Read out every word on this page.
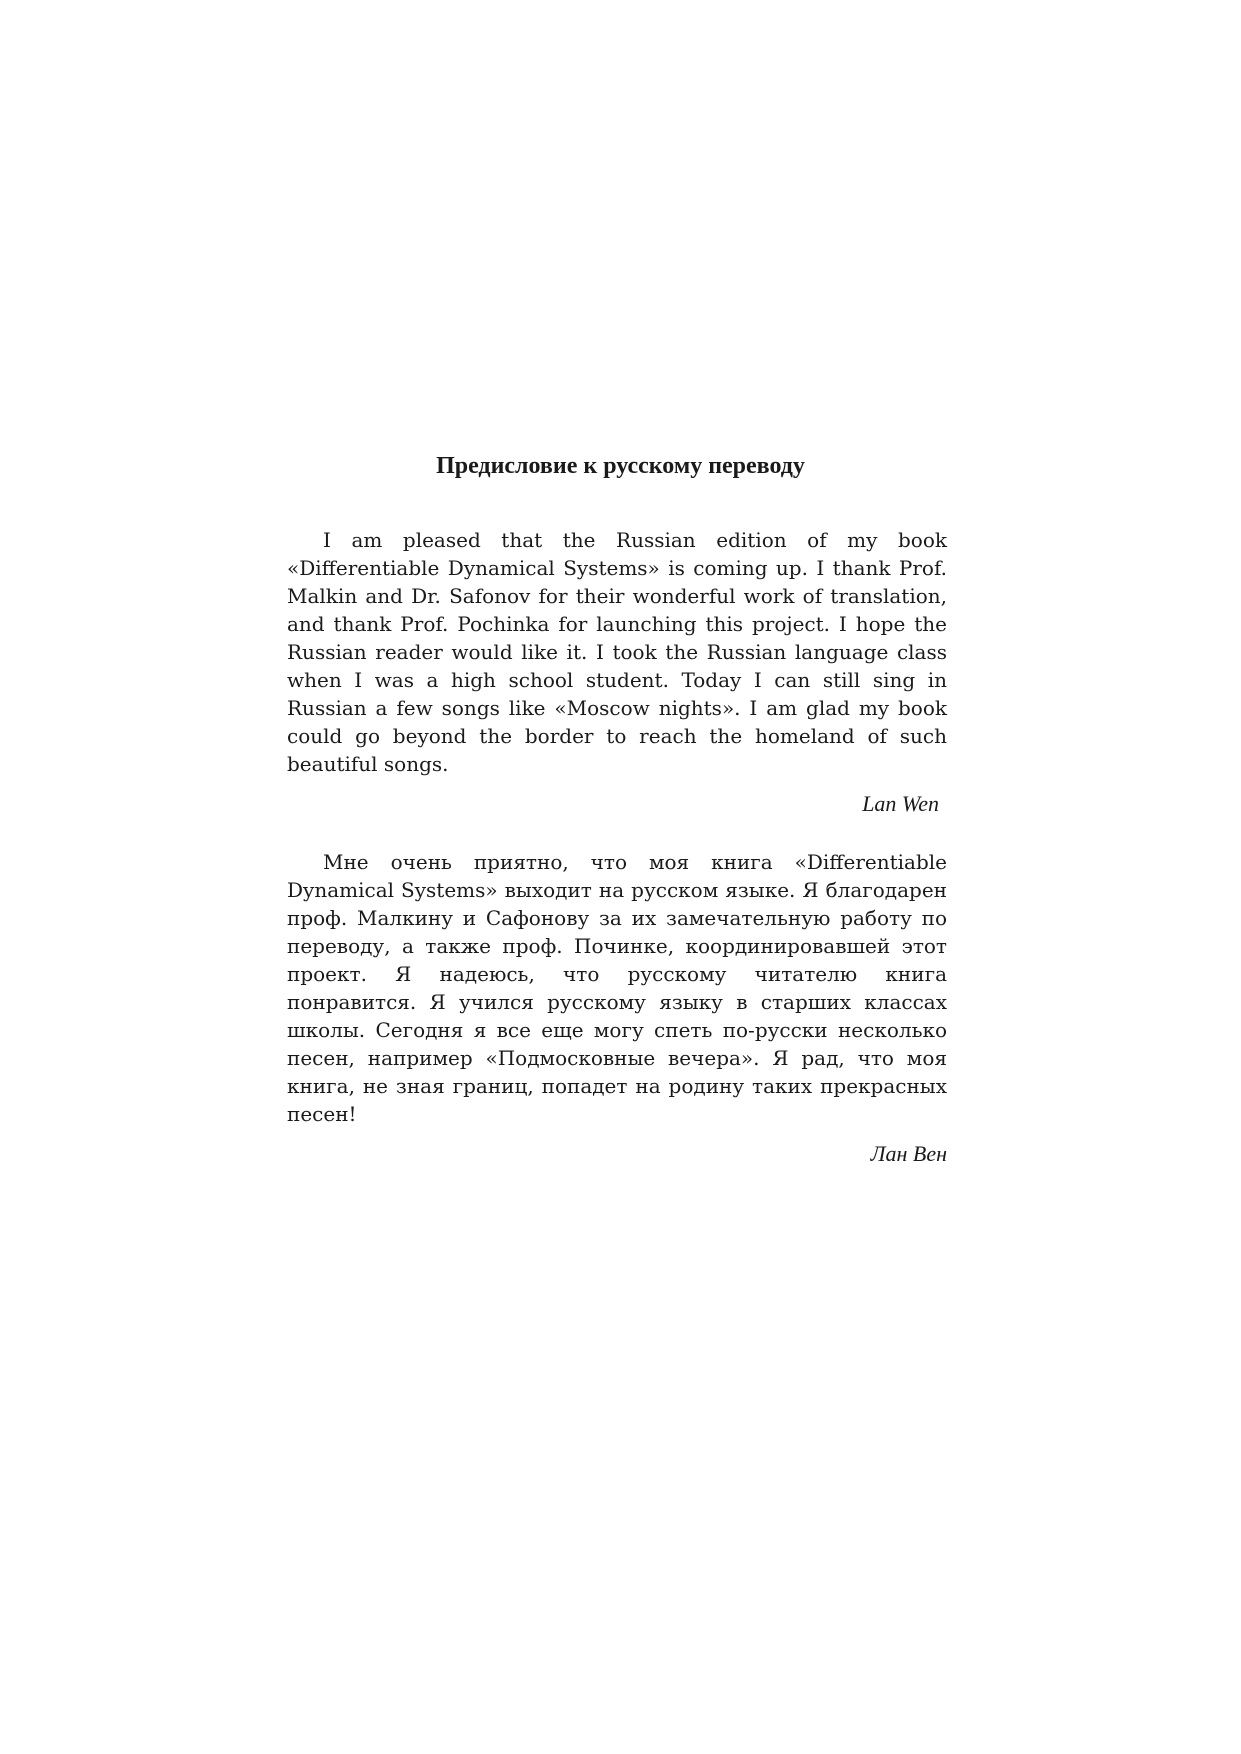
Предисловие к русскому переводу

I am pleased that the Russian edition of my book «Differentiable Dynamical Systems» is coming up. I thank Prof. Malkin and Dr. Safonov for their wonderful work of translation, and thank Prof. Pochinka for launching this project. I hope the Russian reader would like it. I took the Russian language class when I was a high school student. Today I can still sing in Russian a few songs like «Moscow nights». I am glad my book could go beyond the border to reach the homeland of such beautiful songs.

Lan Wen

Мне очень приятно, что моя книга «Differentiable Dynamical Systems» выходит на русском языке. Я благодарен проф. Малкину и Сафонову за их замечательную работу по переводу, а также проф. Починке, координировавшей этот проект. Я надеюсь, что русскому читателю книга понравится. Я учился русскому языку в старших классах школы. Сегодня я все еще могу спеть по-русски несколько песен, например «Подмосковные вечера». Я рад, что моя книга, не зная границ, попадет на родину таких прекрасных песен!

Лан Вен
